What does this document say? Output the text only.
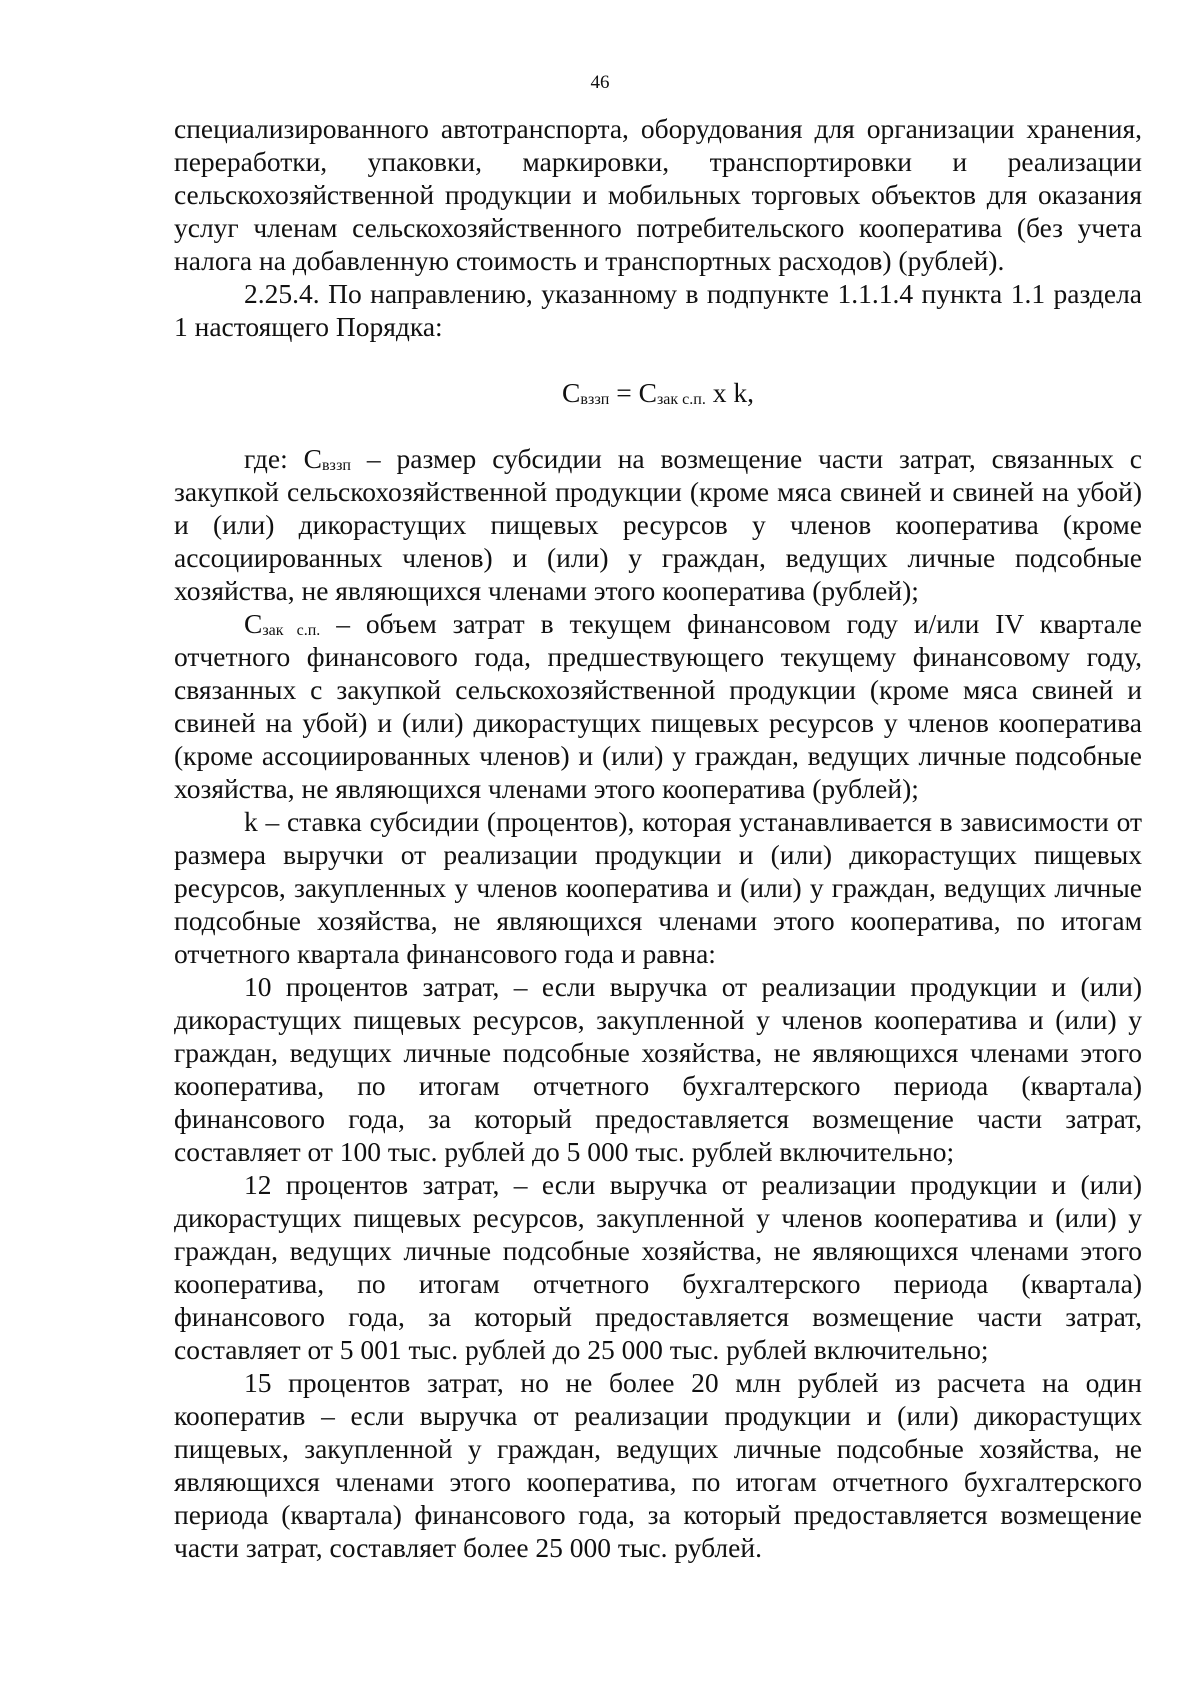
46

специализированного автотранспорта, оборудования для организации хранения, переработки, упаковки, маркировки, транспортировки и реализации сельскохозяйственной продукции и мобильных торговых объектов для оказания услуг членам сельскохозяйственного потребительского кооператива (без учета налога на добавленную стоимость и транспортных расходов) (рублей).

2.25.4. По направлению, указанному в подпункте 1.1.1.4 пункта 1.1 раздела 1 настоящего Порядка:

$С_{вззп} = С_{зак с.п.}$ x k,

где: $С_{вззп}$ – размер субсидии на возмещение части затрат, связанных с закупкой сельскохозяйственной продукции (кроме мяса свиней и свиней на убой) и (или) дикорастущих пищевых ресурсов у членов кооператива (кроме ассоциированных членов) и (или) у граждан, ведущих личные подсобные хозяйства, не являющихся членами этого кооператива (рублей);

$С_{зак с.п.}$ – объем затрат в текущем финансовом году и/или IV квартале отчетного финансового года, предшествующего текущему финансовому году, связанных с закупкой сельскохозяйственной продукции (кроме мяса свиней и свиней на убой) и (или) дикорастущих пищевых ресурсов у членов кооператива (кроме ассоциированных членов) и (или) у граждан, ведущих личные подсобные хозяйства, не являющихся членами этого кооператива (рублей);

k – ставка субсидии (процентов), которая устанавливается в зависимости от размера выручки от реализации продукции и (или) дикорастущих пищевых ресурсов, закупленных у членов кооператива и (или) у граждан, ведущих личные подсобные хозяйства, не являющихся членами этого кооператива, по итогам отчетного квартала финансового года и равна:

10 процентов затрат, – если выручка от реализации продукции и (или) дикорастущих пищевых ресурсов, закупленной у членов кооператива и (или) у граждан, ведущих личные подсобные хозяйства, не являющихся членами этого кооператива, по итогам отчетного бухгалтерского периода (квартала) финансового года, за который предоставляется возмещение части затрат, составляет от 100 тыс. рублей до 5 000 тыс. рублей включительно;

12 процентов затрат, – если выручка от реализации продукции и (или) дикорастущих пищевых ресурсов, закупленной у членов кооператива и (или) у граждан, ведущих личные подсобные хозяйства, не являющихся членами этого кооператива, по итогам отчетного бухгалтерского периода (квартала) финансового года, за который предоставляется возмещение части затрат, составляет от 5 001 тыс. рублей до 25 000 тыс. рублей включительно;

15 процентов затрат, но не более 20 млн рублей из расчета на один кооператив – если выручка от реализации продукции и (или) дикорастущих пищевых, закупленной у граждан, ведущих личные подсобные хозяйства, не являющихся членами этого кооператива, по итогам отчетного бухгалтерского периода (квартала) финансового года, за который предоставляется возмещение части затрат, составляет более 25 000 тыс. рублей.
